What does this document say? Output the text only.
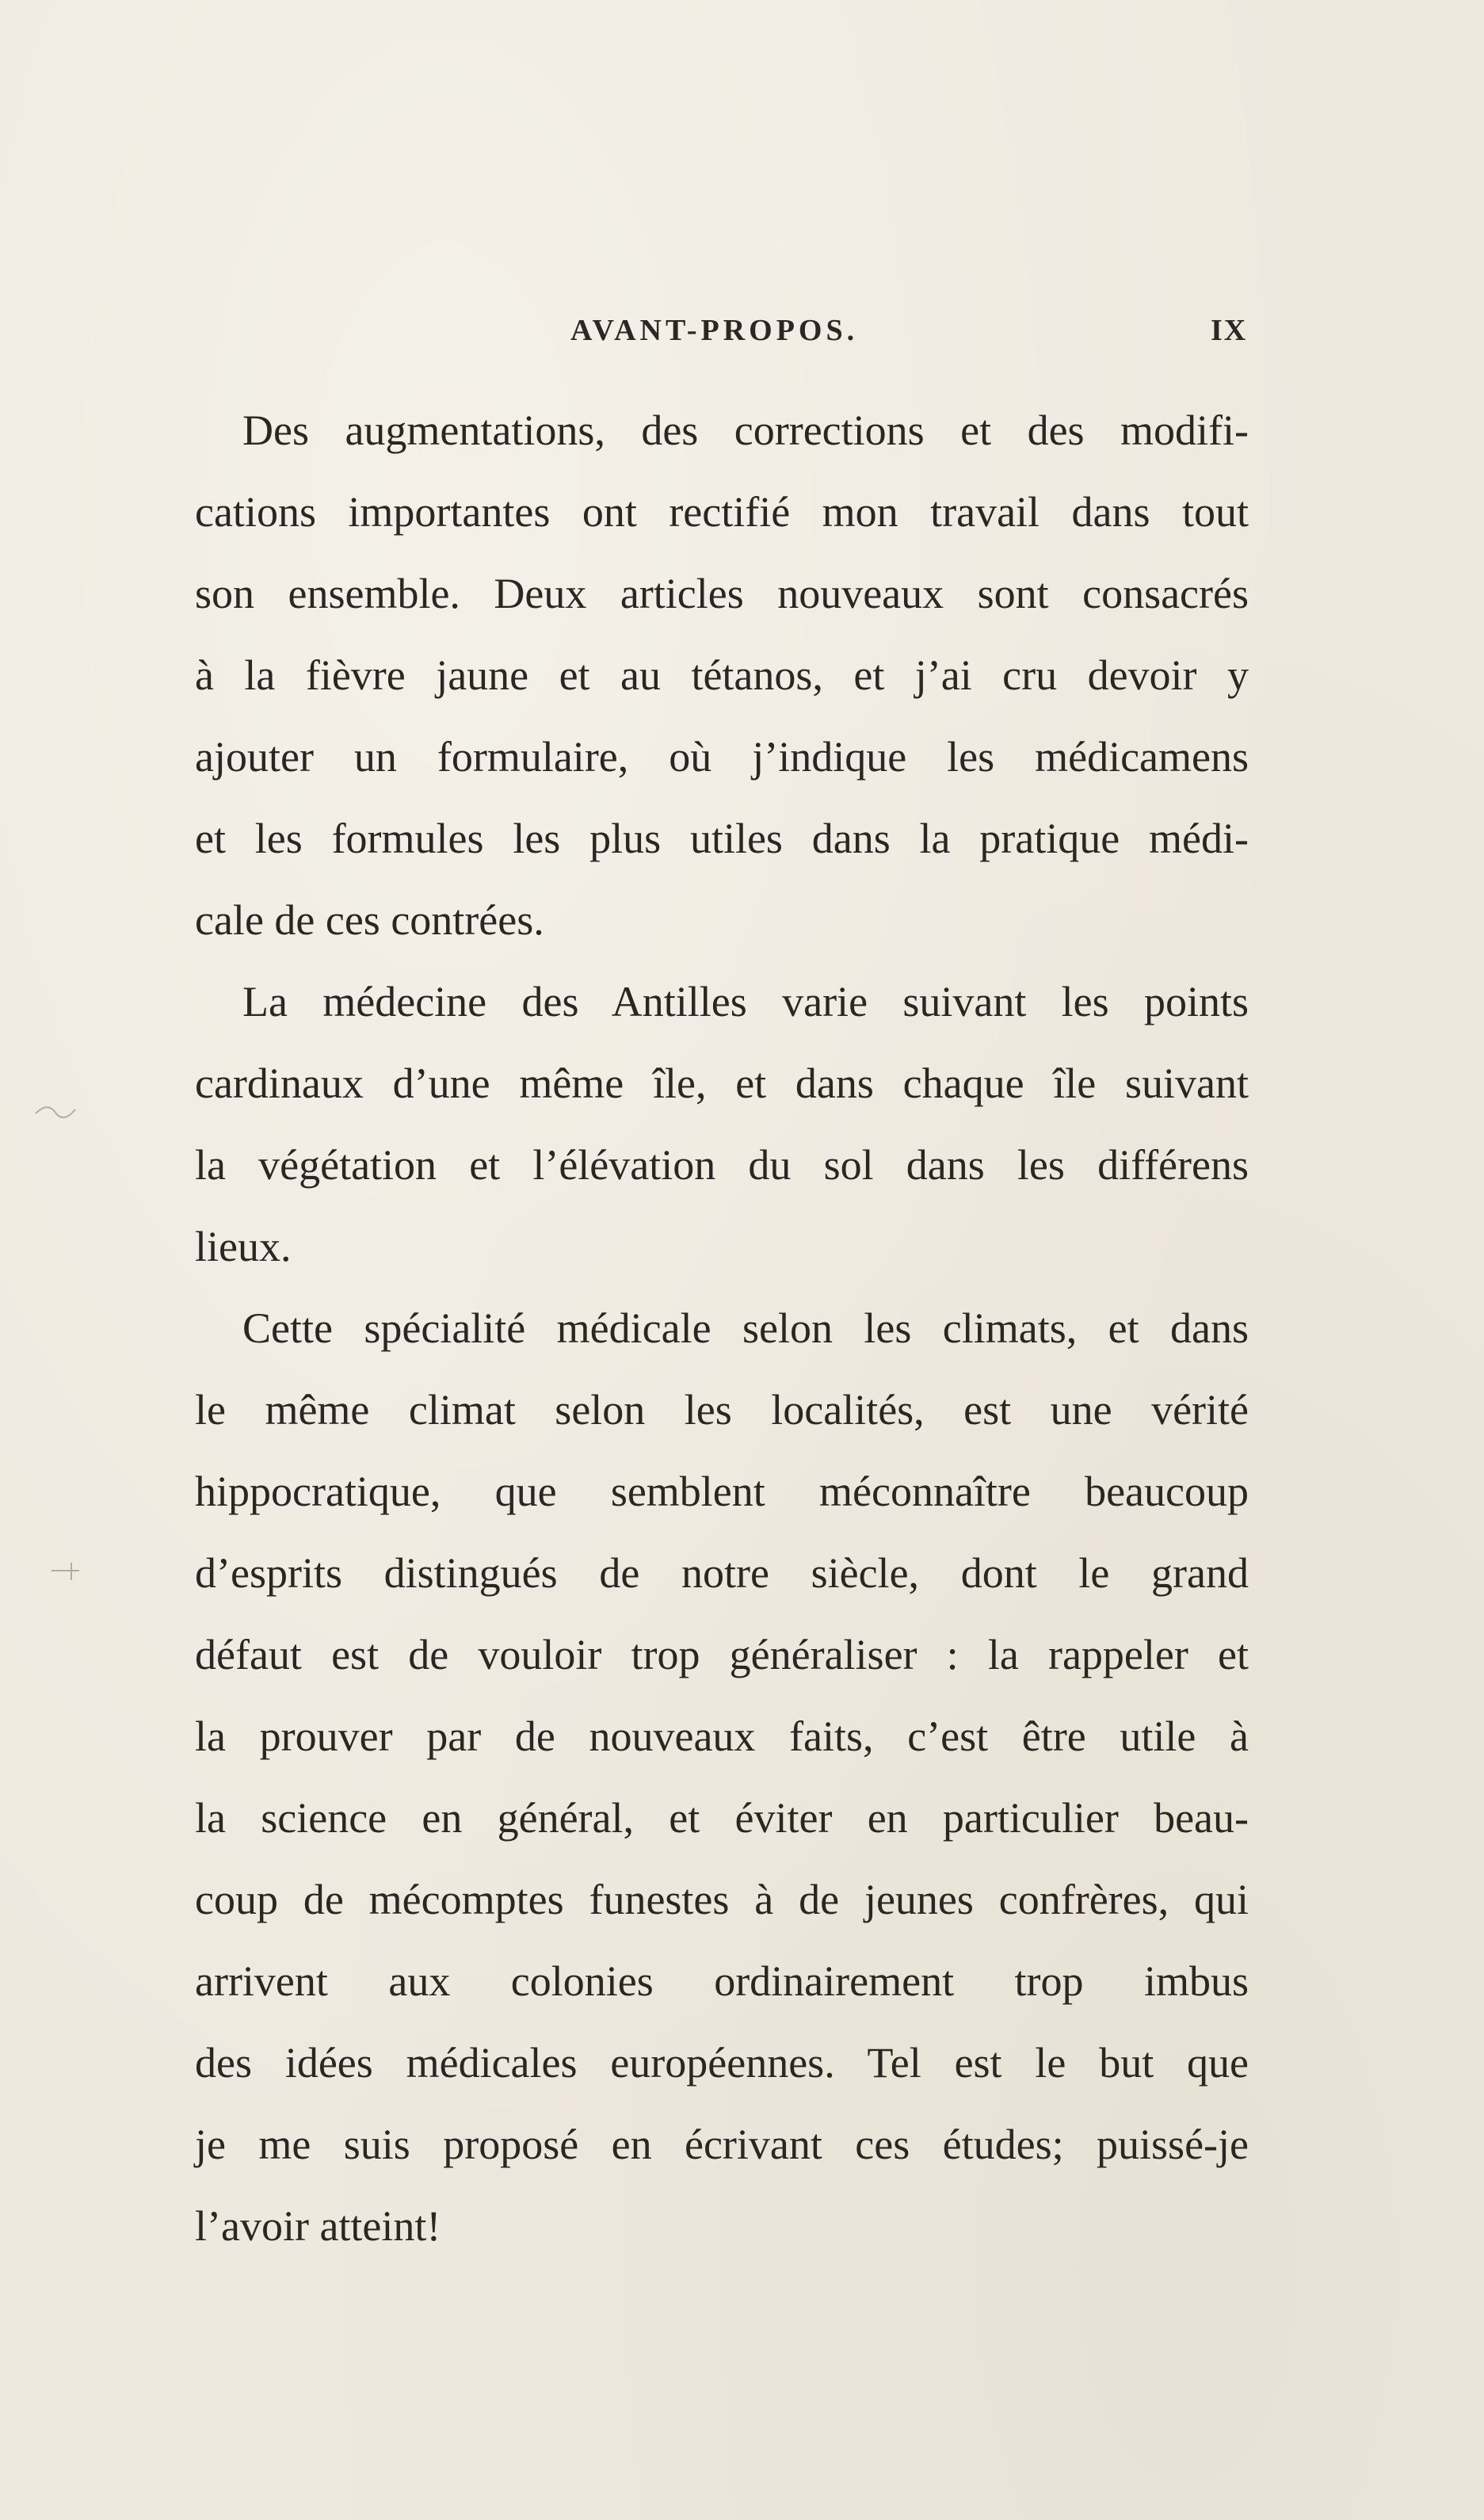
AVANT-PROPOS.	IX
Des augmentations, des corrections et des modifi-
cations importantes ont rectifié mon travail dans tout
son ensemble. Deux articles nouveaux sont consacrés
à la fièvre jaune et au tétanos, et j’ai cru devoir y
ajouter un formulaire, où j’indique les médicamens
et les formules les plus utiles dans la pratique médi-
cale de ces contrées.
La médecine des Antilles varie suivant les points
cardinaux d’une même île, et dans chaque île suivant
la végétation et l’élévation du sol dans les différens
lieux.
Cette spécialité médicale selon les climats, et dans
le même climat selon les localités, est une vérité
hippocratique, que semblent méconnaître beaucoup
d’esprits distingués de notre siècle, dont le grand
défaut est de vouloir trop généraliser : la rappeler et
la prouver par de nouveaux faits, c’est être utile à
la science en général, et éviter en particulier beau-
coup de mécomptes funestes à de jeunes confrères, qui
arrivent aux colonies ordinairement trop imbus
des idées médicales européennes. Tel est le but que
je me suis proposé en écrivant ces études; puissé-je
l’avoir atteint!
